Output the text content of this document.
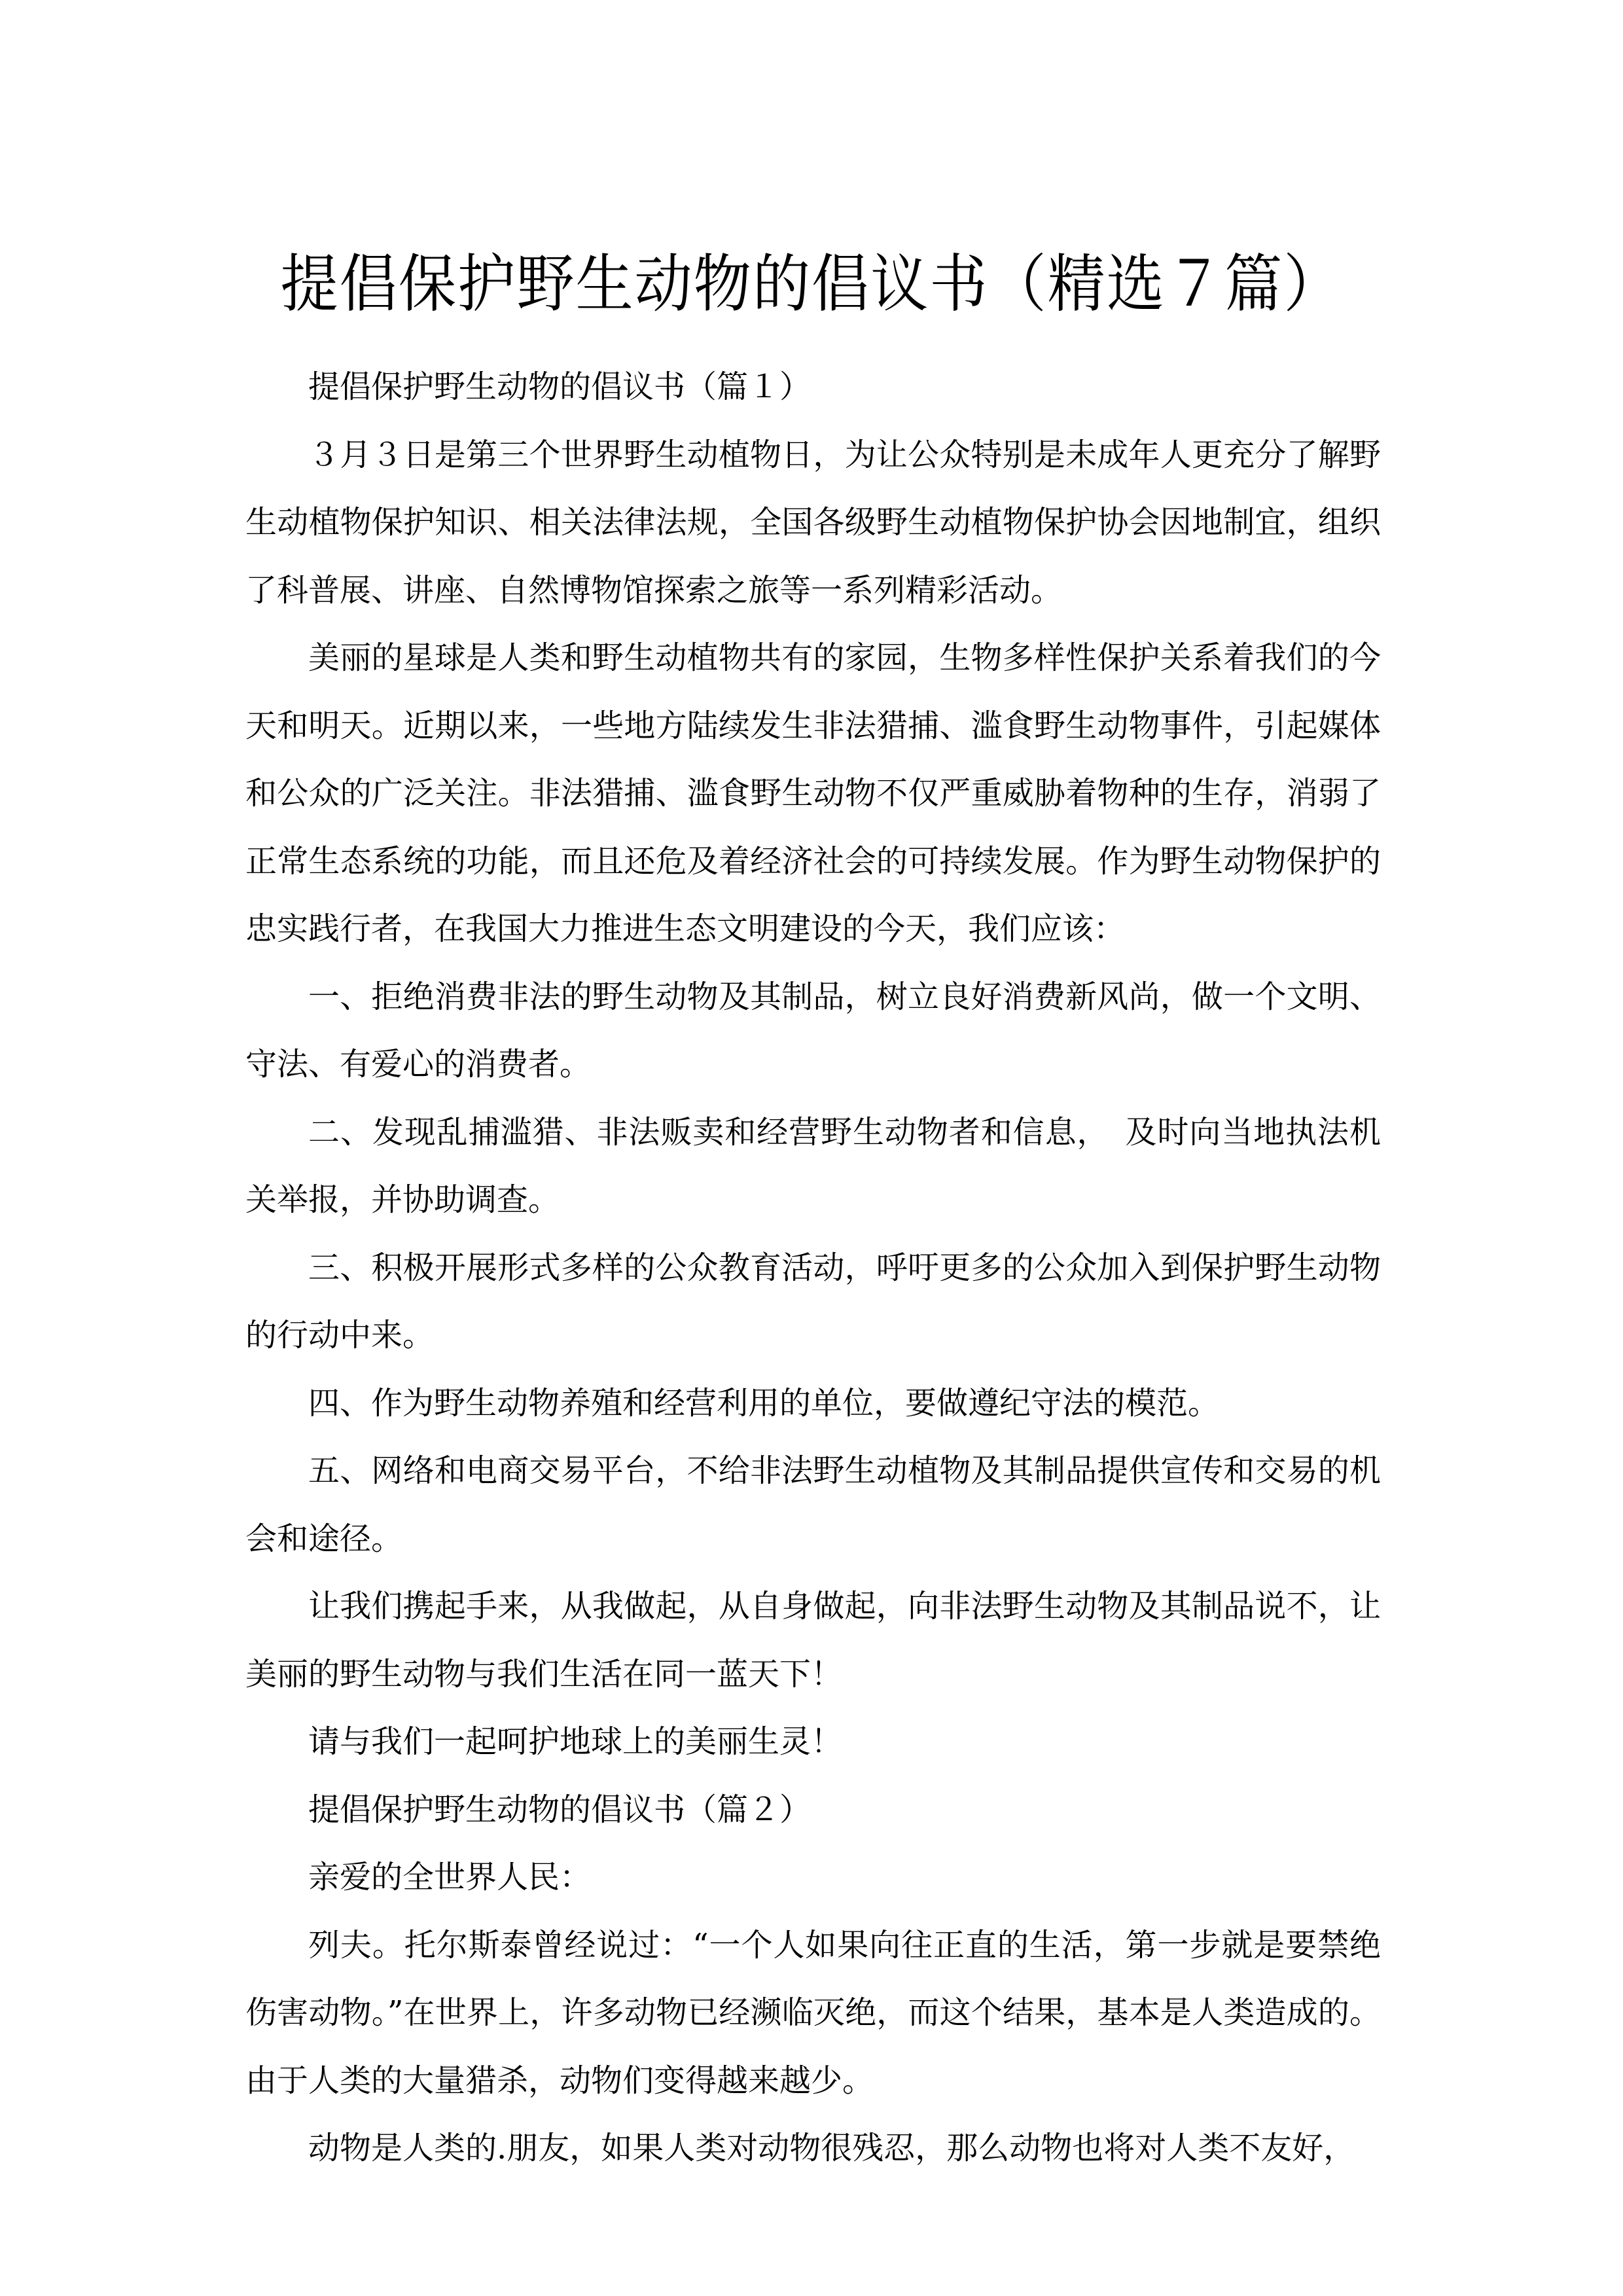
提倡保护野生动物的倡议书（精选７篇）

提倡保护野生动物的倡议书（篇１）

３月３日是第三个世界野生动植物日，为让公众特别是未成年人更充分了解野生动植物保护知识、相关法律法规，全国各级野生动植物保护协会因地制宜，组织了科普展、讲座、自然博物馆探索之旅等一系列精彩活动。

美丽的星球是人类和野生动植物共有的家园，生物多样性保护关系着我们的今天和明天。近期以来，一些地方陆续发生非法猎捕、滥食野生动物事件，引起媒体和公众的广泛关注。非法猎捕、滥食野生动物不仅严重威胁着物种的生存，消弱了正常生态系统的功能，而且还危及着经济社会的可持续发展。作为野生动物保护的忠实践行者，在我国大力推进生态文明建设的今天，我们应该：

一、拒绝消费非法的野生动物及其制品，树立良好消费新风尚，做一个文明、守法、有爱心的消费者。

二、发现乱捕滥猎、非法贩卖和经营野生动物者和信息，　及时向当地执法机关举报，并协助调查。

三、积极开展形式多样的公众教育活动，呼吁更多的公众加入到保护野生动物的行动中来。

四、作为野生动物养殖和经营利用的单位，要做遵纪守法的模范。

五、网络和电商交易平台，不给非法野生动植物及其制品提供宣传和交易的机会和途径。

让我们携起手来，从我做起，从自身做起，向非法野生动物及其制品说不，让美丽的野生动物与我们生活在同一蓝天下！

请与我们一起呵护地球上的美丽生灵！

提倡保护野生动物的倡议书（篇２）

亲爱的全世界人民：

列夫。托尔斯泰曾经说过：“一个人如果向往正直的生活，第一步就是要禁绝伤害动物。”在世界上，许多动物已经濒临灭绝，而这个结果，基本是人类造成的。由于人类的大量猎杀，动物们变得越来越少。

动物是人类的.朋友，如果人类对动物很残忍，那么动物也将对人类不友好，
